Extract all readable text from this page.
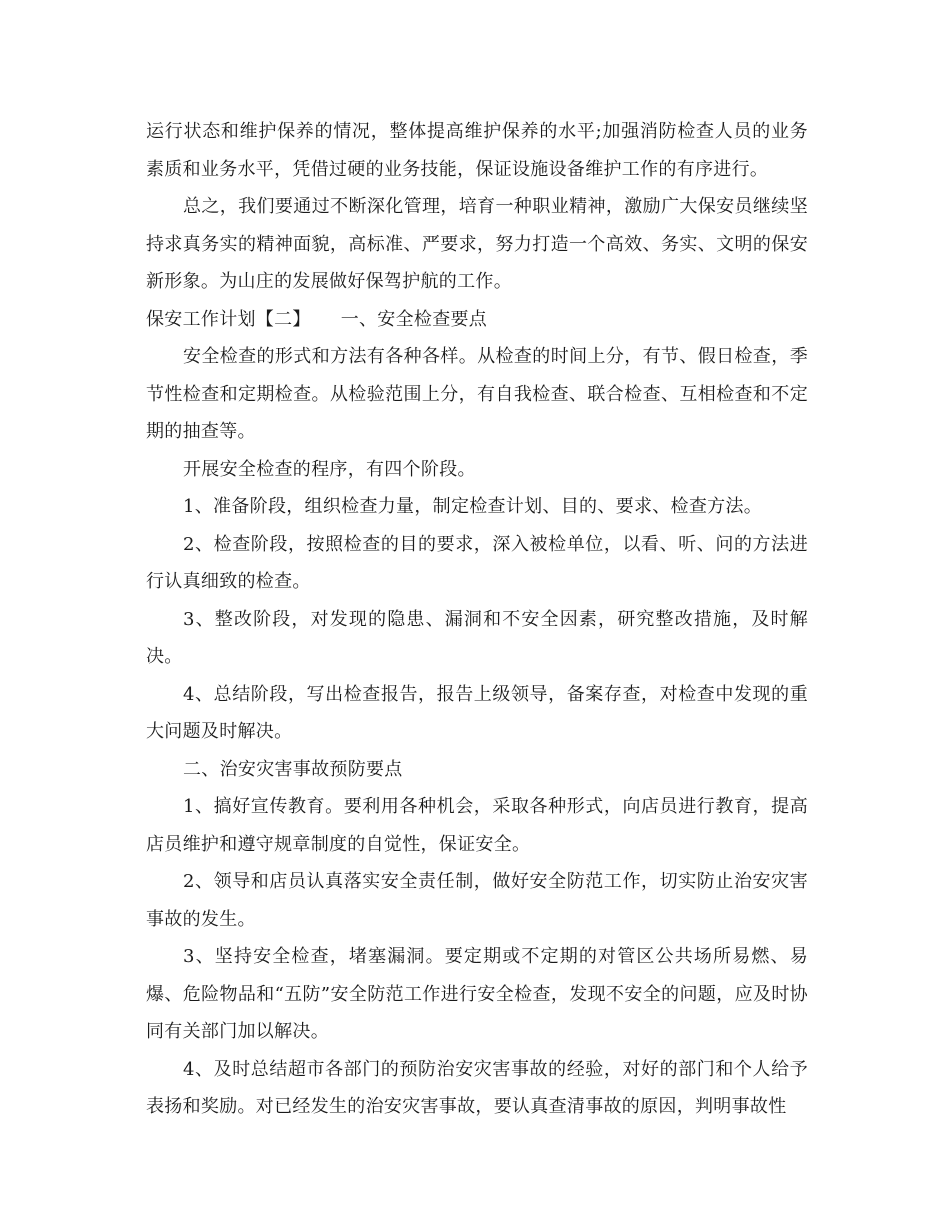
运行状态和维护保养的情况，整体提高维护保养的水平;加强消防检查人员的业务素质和业务水平，凭借过硬的业务技能，保证设施设备维护工作的有序进行。

总之，我们要通过不断深化管理，培育一种职业精神，激励广大保安员继续坚持求真务实的精神面貌，高标准、严要求，努力打造一个高效、务实、文明的保安新形象。为山庄的发展做好保驾护航的工作。

保安工作计划【二】 一、安全检查要点

安全检查的形式和方法有各种各样。从检查的时间上分，有节、假日检查，季节性检查和定期检查。从检验范围上分，有自我检查、联合检查、互相检查和不定期的抽查等。

开展安全检查的程序，有四个阶段。

1、准备阶段，组织检查力量，制定检查计划、目的、要求、检查方法。

2、检查阶段，按照检查的目的要求，深入被检单位，以看、听、问的方法进行认真细致的检查。

3、整改阶段，对发现的隐患、漏洞和不安全因素，研究整改措施，及时解决。

4、总结阶段，写出检查报告，报告上级领导，备案存查，对检查中发现的重大问题及时解决。

二、治安灾害事故预防要点

1、搞好宣传教育。要利用各种机会，采取各种形式，向店员进行教育，提高店员维护和遵守规章制度的自觉性，保证安全。

2、领导和店员认真落实安全责任制，做好安全防范工作，切实防止治安灾害事故的发生。

3、坚持安全检查，堵塞漏洞。要定期或不定期的对管区公共场所易燃、易爆、危险物品和“五防”安全防范工作进行安全检查，发现不安全的问题，应及时协同有关部门加以解决。

4、及时总结超市各部门的预防治安灾害事故的经验，对好的部门和个人给予表扬和奖励。对已经发生的治安灾害事故，要认真查清事故的原因，判明事故性
